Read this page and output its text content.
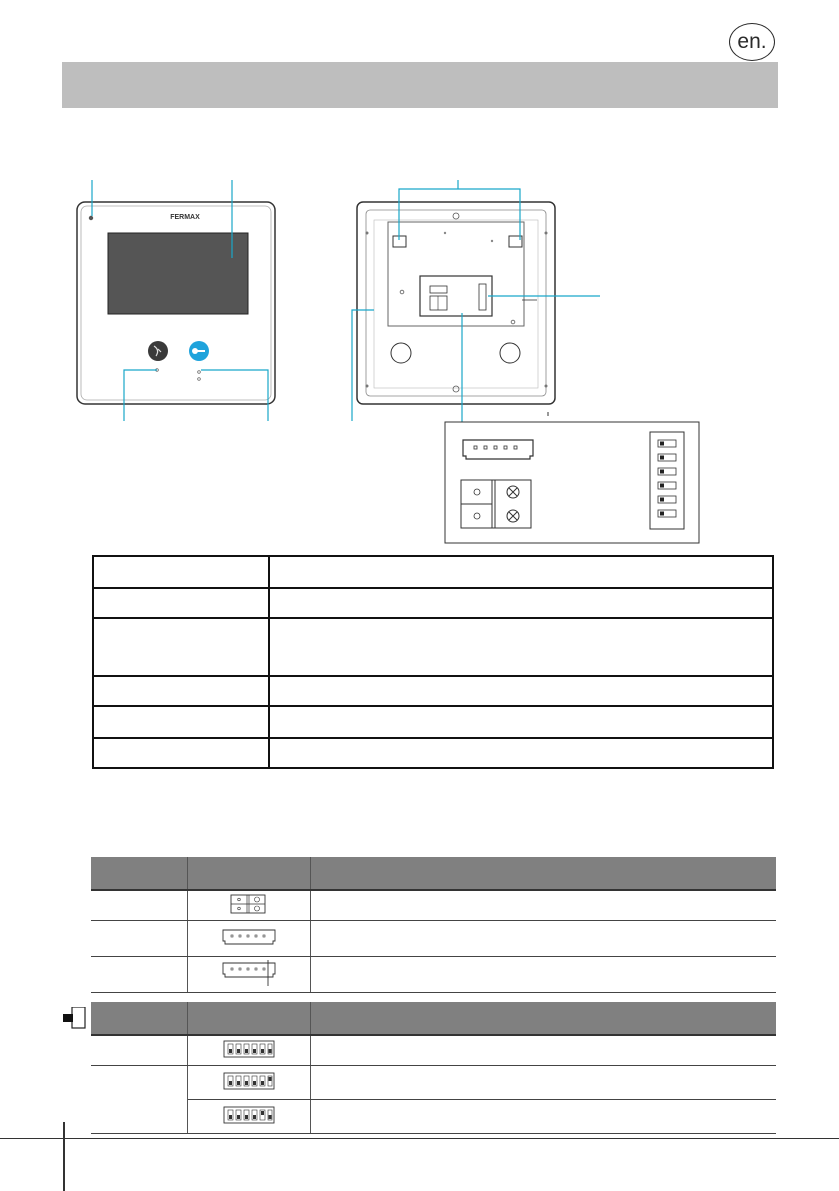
en.
FERMAX
